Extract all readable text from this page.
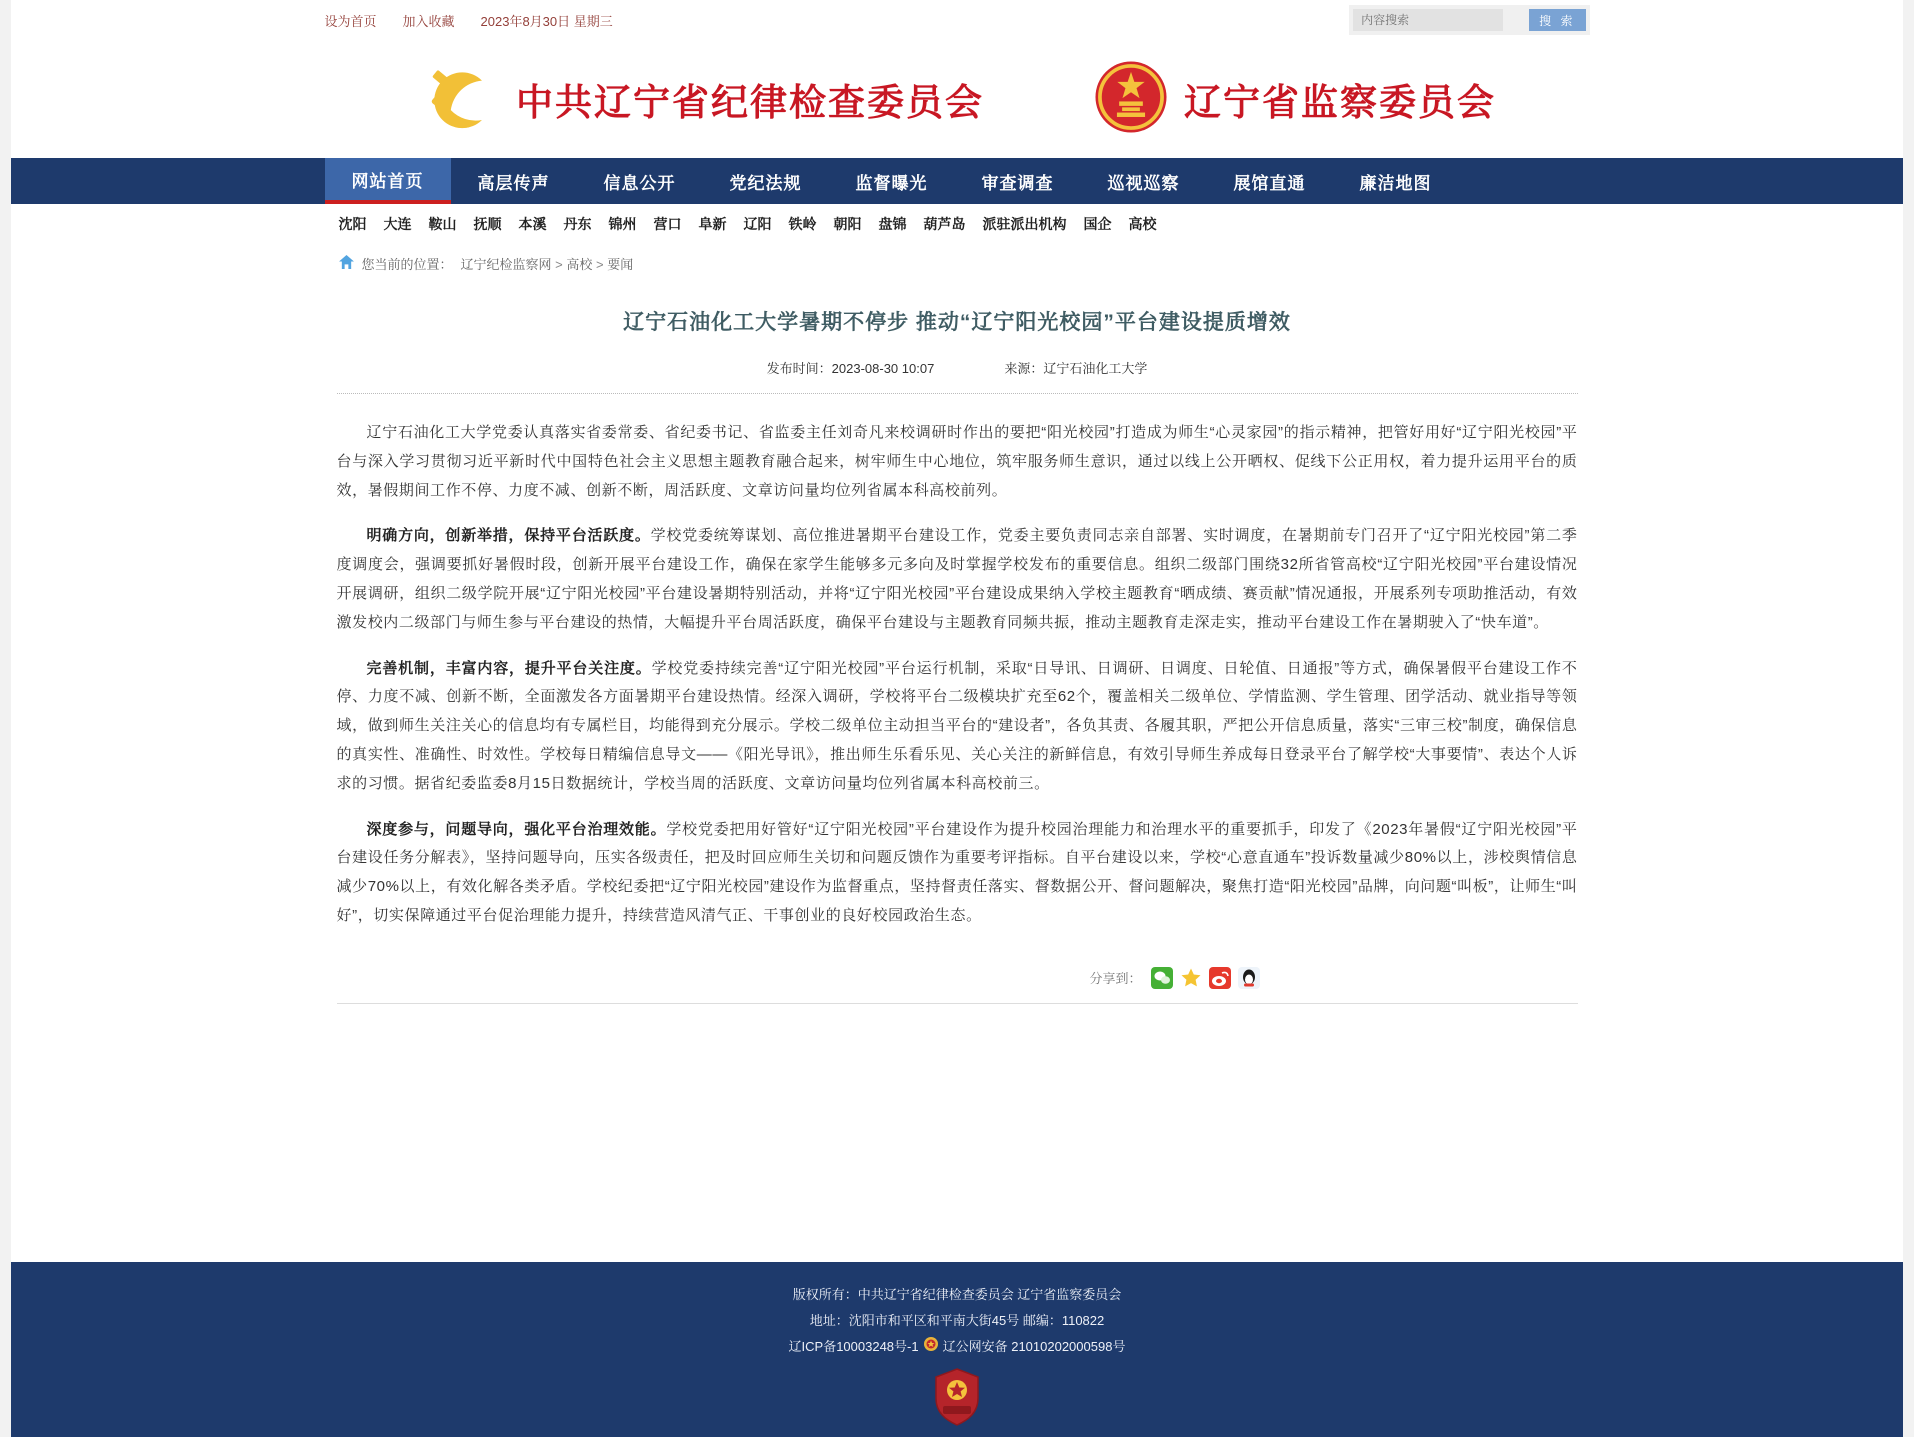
设为首页 加入收藏 2023年8月30日 星期三
内容搜索	搜 索
中共辽宁省纪律检查委员会	辽宁省监察委员会
网站首页	高层传声	信息公开	党纪法规	监督曝光	审查调查	巡视巡察	展馆直通	廉洁地图
沈阳 大连 鞍山 抚顺 本溪 丹东 锦州 营口 阜新 辽阳 铁岭 朝阳 盘锦 葫芦岛 派驻派出机构 国企 高校
您当前的位置： 辽宁纪检监察网 > 高校 > 要闻
辽宁石油化工大学暑期不停步 推动“辽宁阳光校园”平台建设提质增效
发布时间：2023-08-30 10:07	来源：辽宁石油化工大学

辽宁石油化工大学党委认真落实省委常委、省纪委书记、省监委主任刘奇凡来校调研时作出的要把“阳光校园”打造成为师生“心灵家园”的指示精神，把管好用好“辽宁阳光校园”平台与深入学习贯彻习近平新时代中国特色社会主义思想主题教育融合起来，树牢师生中心地位，筑牢服务师生意识，通过以线上公开晒权、促线下公正用权，着力提升运用平台的质效，暑假期间工作不停、力度不减、创新不断，周活跃度、文章访问量均位列省属本科高校前列。

明确方向，创新举措，保持平台活跃度。学校党委统筹谋划、高位推进暑期平台建设工作，党委主要负责同志亲自部署、实时调度，在暑期前专门召开了“辽宁阳光校园”第二季度调度会，强调要抓好暑假时段，创新开展平台建设工作，确保在家学生能够多元多向及时掌握学校发布的重要信息。组织二级部门围绕32所省管高校“辽宁阳光校园”平台建设情况开展调研，组织二级学院开展“辽宁阳光校园”平台建设暑期特别活动，并将“辽宁阳光校园”平台建设成果纳入学校主题教育“晒成绩、赛贡献”情况通报，开展系列专项助推活动，有效激发校内二级部门与师生参与平台建设的热情，大幅提升平台周活跃度，确保平台建设与主题教育同频共振，推动主题教育走深走实，推动平台建设工作在暑期驶入了“快车道”。

完善机制，丰富内容，提升平台关注度。学校党委持续完善“辽宁阳光校园”平台运行机制，采取“日导讯、日调研、日调度、日轮值、日通报”等方式，确保暑假平台建设工作不停、力度不减、创新不断，全面激发各方面暑期平台建设热情。经深入调研，学校将平台二级模块扩充至62个，覆盖相关二级单位、学情监测、学生管理、团学活动、就业指导等领域，做到师生关注关心的信息均有专属栏目，均能得到充分展示。学校二级单位主动担当平台的“建设者”，各负其责、各履其职，严把公开信息质量，落实“三审三校”制度，确保信息的真实性、准确性、时效性。学校每日精编信息导文——《阳光导讯》，推出师生乐看乐见、关心关注的新鲜信息，有效引导师生养成每日登录平台了解学校“大事要情”、表达个人诉求的习惯。据省纪委监委8月15日数据统计，学校当周的活跃度、文章访问量均位列省属本科高校前三。

深度参与，问题导向，强化平台治理效能。学校党委把用好管好“辽宁阳光校园”平台建设作为提升校园治理能力和治理水平的重要抓手，印发了《2023年暑假“辽宁阳光校园”平台建设任务分解表》，坚持问题导向，压实各级责任，把及时回应师生关切和问题反馈作为重要考评指标。自平台建设以来，学校“心意直通车”投诉数量减少80%以上，涉校舆情信息减少70%以上，有效化解各类矛盾。学校纪委把“辽宁阳光校园”建设作为监督重点，坚持督责任落实、督数据公开、督问题解决，聚焦打造“阳光校园”品牌，向问题“叫板”，让师生“叫好”，切实保障通过平台促治理能力提升，持续营造风清气正、干事创业的良好校园政治生态。

分享到：
版权所有：中共辽宁省纪律检查委员会 辽宁省监察委员会
地址：沈阳市和平区和平南大街45号 邮编：110822
辽ICP备10003248号-1 辽公网安备 21010202000598号
